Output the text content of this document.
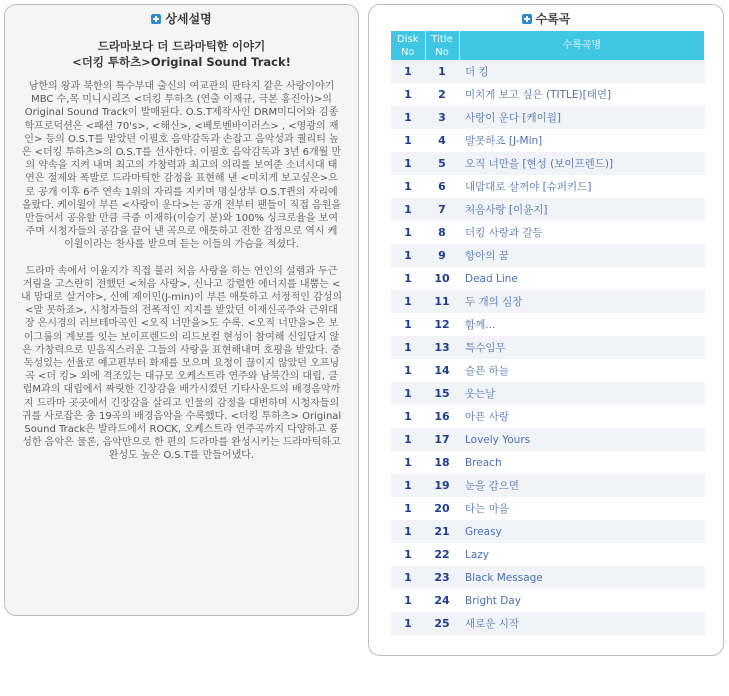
상세설명
드라마보다 더 드라마틱한 이야기
<더킹 투하츠>Original Sound Track!

남한의 왕과 북한의 특수부대 출신의 여교관의 판타지 같은 사랑이야기 MBC 수,목 미니시리즈 <더킹 투하츠 (연출 이재규, 극본 홍진아)>의 Original Sound Track이 발매된다. O.S.T제작사인 DRM미디어와 김종학프로덕션은 <패션 70's>, <해신>, <베토벤바이러스> , <영광의 재인> 등의 O.S.T를 맡았던 이필호 음악감독과 손잡고 음악성과 퀄리티 높은 <더킹 투하츠>의 O.S.T를 선사한다. 이필호 음악감독과 3년 6개월 만의 약속을 지켜 내며 최고의 가창력과 최고의 의리를 보여준 소녀시대 태연은 절제와 폭발로 드라마틱한 감정을 표현해 낸 <미치게 보고싶은>으로 공개 이후 6주 연속 1위의 자리를 지키며 명실상부 O.S.T퀸의 자리에 올랐다. 케이윌이 부른 <사랑이 운다>는 공개 전부터 팬들이 직접 음원을 만들어서 공유할 만큼 극중 이재하(이승기 분)와 100% 싱크로율을 보여주며 시청자들의 공감을 끌어 낸 곡으로 애틋하고 진한 감정으로 역시 케이윌이라는 찬사를 받으며 듣는 이들의 가슴을 적셨다.

드라마 속에서 이윤지가 직접 불러 처음 사랑을 하는 연인의 설렘과 두근거림을 고스란히 전했던 <처음 사랑>, 신나고 강렬한 에너지를 내뿜는 <내 맘대로 살거야>, 신예 제이민(J-min)이 부른 애틋하고 서정적인 감성의 <말 못하죠>, 시청자들의 전폭적인 지지를 받았던 이재신곡주와 근위대장 은시경의 러브테마곡인 <오직 너만을>도 수록. <오직 너만을>은 보이그룹의 계보를 잇는 보이프렌드의 리드보컬 현성이 참여해 신입답지 않은 가창력으로 믿음직스러운 그들의 사랑을 표현해내며 호평을 받았다. 중독성있는 선율로 예고편부터 화제를 모으며 요청이 끊이지 않았던 오프닝곡 <더 킹> 외에 격조있는 대규모 오케스트라 연주와 남북간의 대립, 클럽M과의 대립에서 짜릿한 긴장감을 배가시켰던 기타사운드의 배경음악까지 드라마 곳곳에서 긴장감을 살리고 인물의 감정을 대변하며 시청자들의 귀를 사로잡은 총 19곡의 배경음악을 수록했다. <더킹 투하츠> Original Sound Track은 발라드에서 ROCK, 오케스트라 연주곡까지 다양하고 풍성한 음악은 물론, 음악만으로 한 편의 드라마를 완성시키는 드라마틱하고 완성도 높은 O.S.T를 만들어냈다.

수록곡
Disk
No	Title
No	수록곡명
1	1	더 킹
1	2	미치게 보고 싶은 (TITLE)[태연]
1	3	사랑이 운다 [케이윌]
1	4	말못하죠 [J-Min]
1	5	오직 너만을 [현성 (보이프렌드)]
1	6	내맘대로 살꺼야 [슈퍼키드]
1	7	처음사랑 [이윤지]
1	8	더킹 사랑과 갈등
1	9	항아의 꿈
1	10	Dead Line
1	11	두 개의 심장
1	12	함께...
1	13	특수임무
1	14	슬픈 하늘
1	15	웃는날
1	16	아픈 사랑
1	17	Lovely Yours
1	18	Breach
1	19	눈을 감으면
1	20	타는 마음
1	21	Greasy
1	22	Lazy
1	23	Black Message
1	24	Bright Day
1	25	새로운 시작
